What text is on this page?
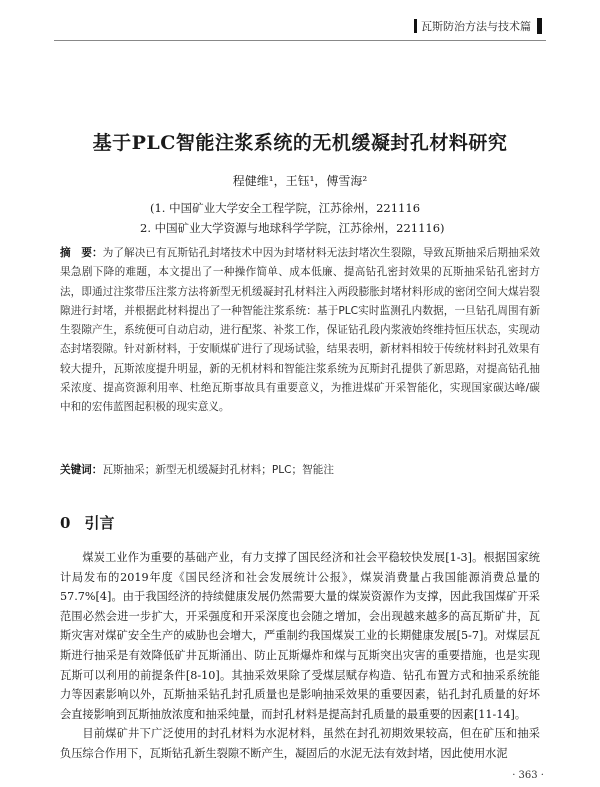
瓦斯防治方法与技术篇
基于PLC智能注浆系统的无机缓凝封孔材料研究
程健维¹，王钰¹，傅雪海²
(1. 中国矿业大学安全工程学院，江苏徐州，221116
2. 中国矿业大学资源与地球科学学院，江苏徐州，221116)
摘　要：为了解决已有瓦斯钻孔封堵技术中因为封堵材料无法封堵次生裂隙，导致瓦斯抽采后期抽采效果急剧下降的难题，本文提出了一种操作简单、成本低廉、提高钻孔密封效果的瓦斯抽采钻孔密封方法，即通过注浆带压注浆方法将新型无机缓凝封孔材料注入两段膨胀封堵材料形成的密闭空间大煤岩裂隙进行封堵，并根据此材料提出了一种智能注浆系统：基于PLC实时监测孔内数据，一旦钻孔周围有新生裂隙产生，系统便可自动启动，进行配浆、补浆工作，保证钻孔段内浆液始终维持恒压状态，实现动态封堵裂隙。针对新材料，于安顺煤矿进行了现场试验，结果表明，新材料相较于传统材料封孔效果有较大提升，瓦斯浓度提升明显，新的无机材料和智能注浆系统为瓦斯封孔提供了新思路，对提高钻孔抽采浓度、提高资源利用率、杜绝瓦斯事故具有重要意义，为推进煤矿开采智能化，实现国家碳达峰/碳中和的宏伟蓝图起积极的现实意义。
关键词：瓦斯抽采；新型无机缓凝封孔材料；PLC；智能注
0 引言

煤炭工业作为重要的基础产业，有力支撑了国民经济和社会平稳较快发展[1-3]。根据国家统计局发布的2019年度《国民经济和社会发展统计公报》，煤炭消费量占我国能源消费总量的57.7%[4]。由于我国经济的持续健康发展仍然需要大量的煤炭资源作为支撑，因此我国煤矿开采范围必然会进一步扩大，开采强度和开采深度也会随之增加，会出现越来越多的高瓦斯矿井，瓦斯灾害对煤矿安全生产的威胁也会增大，严重制约我国煤炭工业的长期健康发展[5-7]。对煤层瓦斯进行抽采是有效降低矿井瓦斯涌出、防止瓦斯爆炸和煤与瓦斯突出灾害的重要措施，也是实现瓦斯可以利用的前提条件[8-10]。其抽采效果除了受煤层赋存构造、钻孔布置方式和抽采系统能力等因素影响以外，瓦斯抽采钻孔封孔质量也是影响抽采效果的重要因素，钻孔封孔质量的好坏会直接影响到瓦斯抽放浓度和抽采纯量，而封孔材料是提高封孔质量的最重要的因素[11-14]。

目前煤矿井下广泛使用的封孔材料为水泥材料，虽然在封孔初期效果较高，但在矿压和抽采负压综合作用下，瓦斯钻孔新生裂隙不断产生，凝固后的水泥无法有效封堵，因此使用水泥

· 363 ·
